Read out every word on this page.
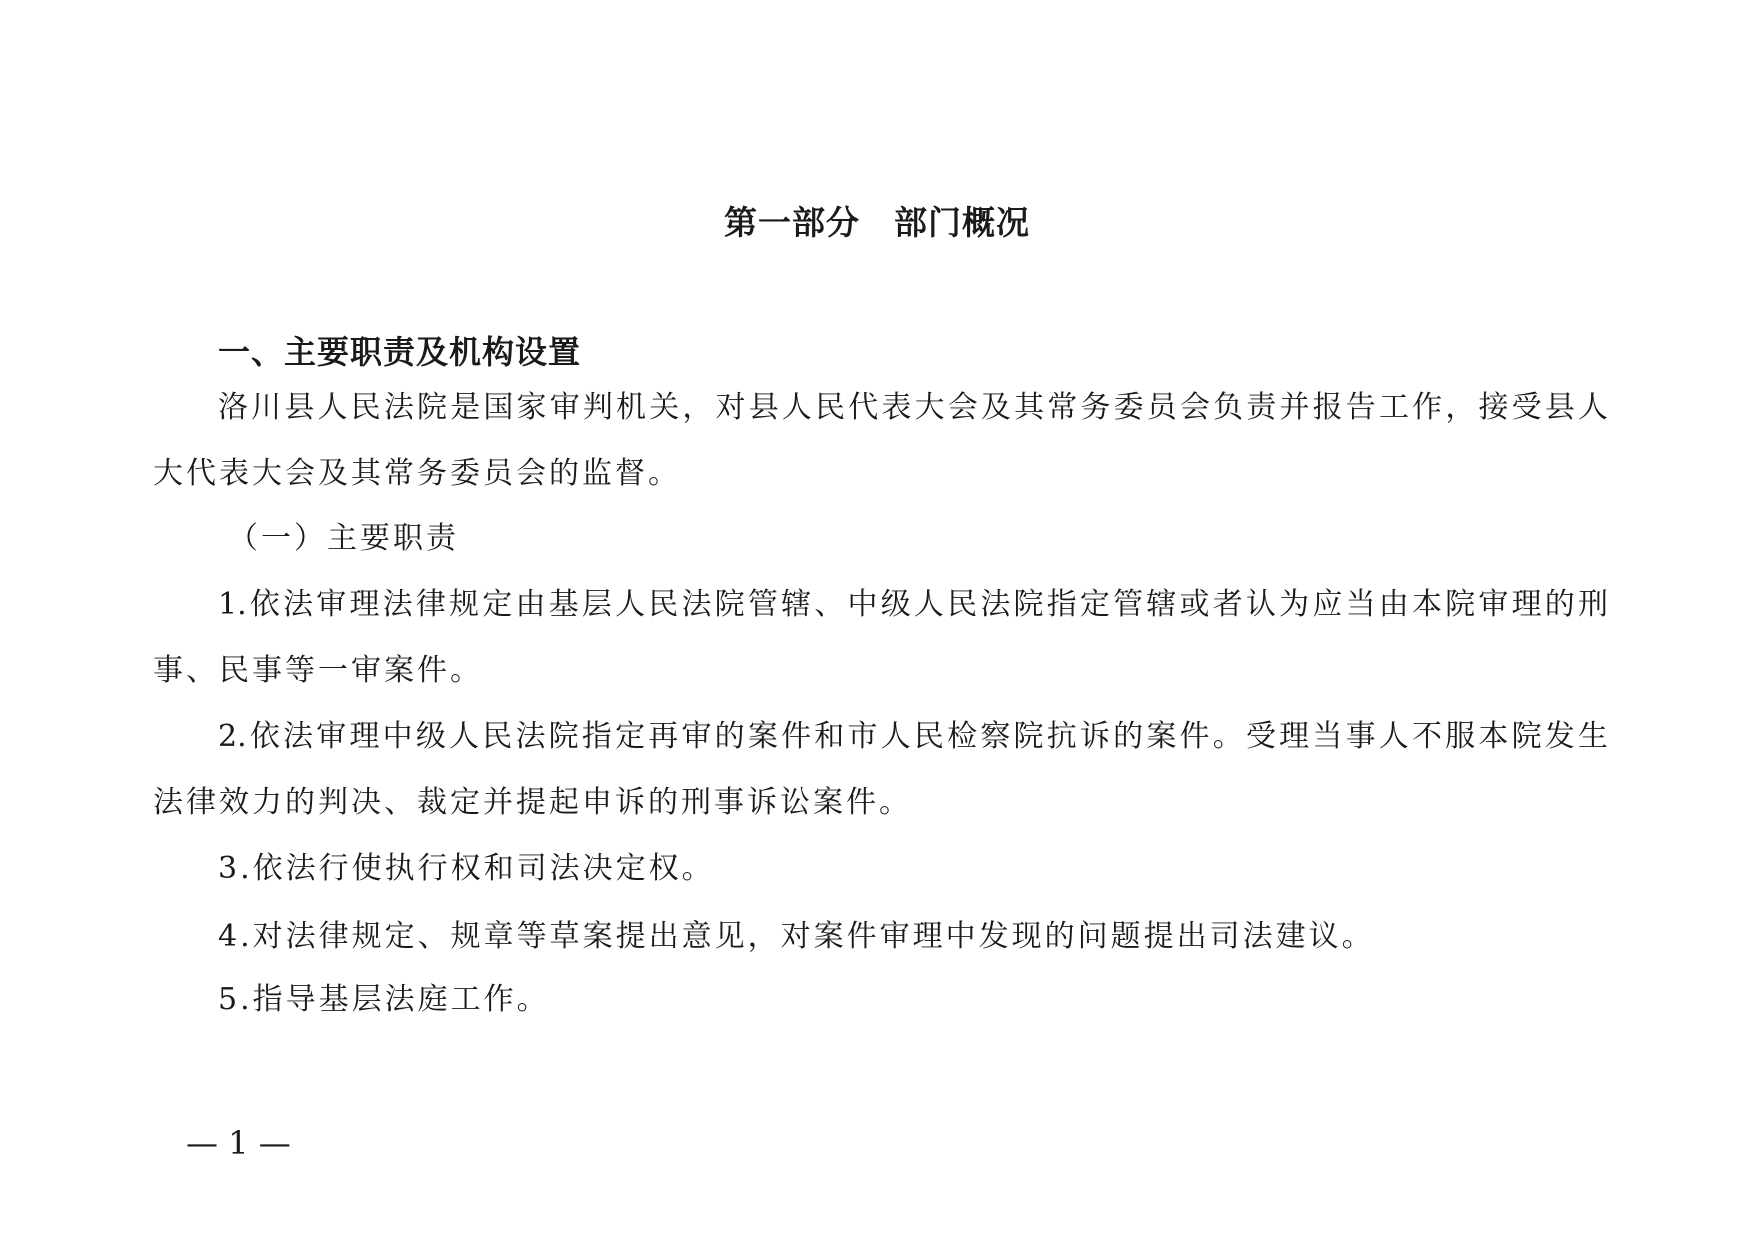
第一部分　部门概况
一、主要职责及机构设置
洛川县人民法院是国家审判机关，对县人民代表大会及其常务委员会负责并报告工作，接受县人
大代表大会及其常务委员会的监督。
（一）主要职责
1.依法审理法律规定由基层人民法院管辖、中级人民法院指定管辖或者认为应当由本院审理的刑
事、民事等一审案件。
2.依法审理中级人民法院指定再审的案件和市人民检察院抗诉的案件。受理当事人不服本院发生
法律效力的判决、裁定并提起申诉的刑事诉讼案件。
3.依法行使执行权和司法决定权。
4.对法律规定、规章等草案提出意见，对案件审理中发现的问题提出司法建议。
5.指导基层法庭工作。
— 1 —
